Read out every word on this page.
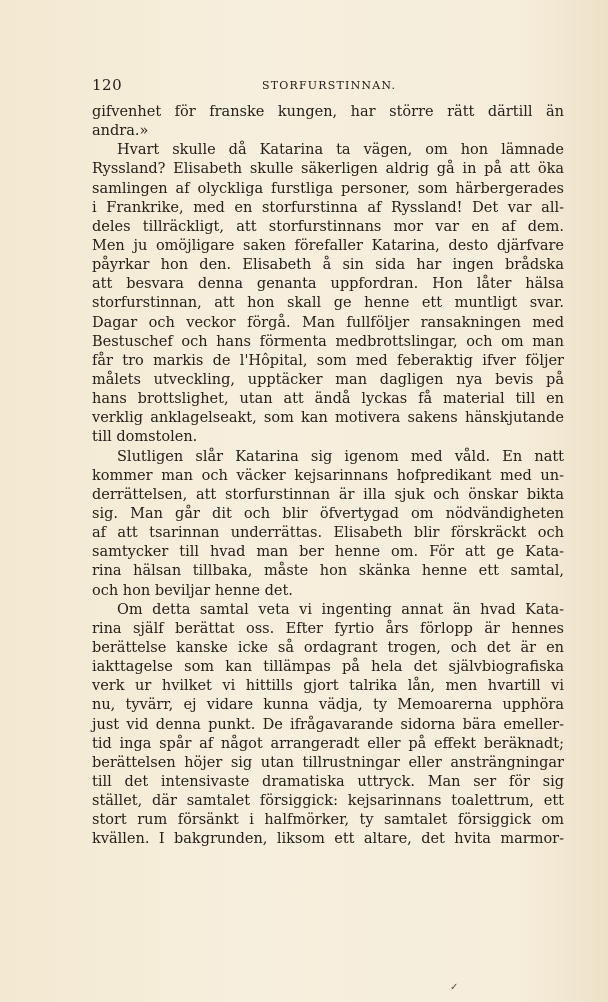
120	STORFURSTINNAN.
gifvenhet för franske kungen, har större rätt därtill än
andra.»
Hvart skulle då Katarina ta vägen, om hon lämnade
Ryssland? Elisabeth skulle säkerligen aldrig gå in på att öka
samlingen af olyckliga furstliga personer, som härbergerades
i Frankrike, med en storfurstinna af Ryssland! Det var all-
deles tillräckligt, att storfurstinnans mor var en af dem.
Men ju omöjligare saken förefaller Katarina, desto djärfvare
påyrkar hon den. Elisabeth å sin sida har ingen brådska
att besvara denna genanta uppfordran. Hon låter hälsa
storfurstinnan, att hon skall ge henne ett muntligt svar.
Dagar och veckor förgå. Man fullföljer ransakningen med
Bestuschef och hans förmenta medbrottslingar, och om man
får tro markis de l'Hôpital, som med feberaktig ifver följer
målets utveckling, upptäcker man dagligen nya bevis på
hans brottslighet, utan att ändå lyckas få material till en
verklig anklagelseakt, som kan motivera sakens hänskjutande
till domstolen.
Slutligen slår Katarina sig igenom med våld. En natt
kommer man och väcker kejsarinnans hofpredikant med un-
derrättelsen, att storfurstinnan är illa sjuk och önskar bikta
sig. Man går dit och blir öfvertygad om nödvändigheten
af att tsarinnan underrättas. Elisabeth blir förskräckt och
samtycker till hvad man ber henne om. För att ge Kata-
rina hälsan tillbaka, måste hon skänka henne ett samtal,
och hon beviljar henne det.
Om detta samtal veta vi ingenting annat än hvad Kata-
rina själf berättat oss. Efter fyrtio års förlopp är hennes
berättelse kanske icke så ordagrant trogen, och det är en
iakttagelse som kan tillämpas på hela det självbiografiska
verk ur hvilket vi hittills gjort talrika lån, men hvartill vi
nu, tyvärr, ej vidare kunna vädja, ty Memoarerna upphöra
just vid denna punkt. De ifrågavarande sidorna bära emeller-
tid inga spår af något arrangeradt eller på effekt beräknadt;
berättelsen höjer sig utan tillrustningar eller ansträngningar
till det intensivaste dramatiska uttryck. Man ser för sig
stället, där samtalet försiggick: kejsarinnans toalettrum, ett
stort rum försänkt i halfmörker, ty samtalet försiggick om
kvällen. I bakgrunden, liksom ett altare, det hvita marmor-
✓
